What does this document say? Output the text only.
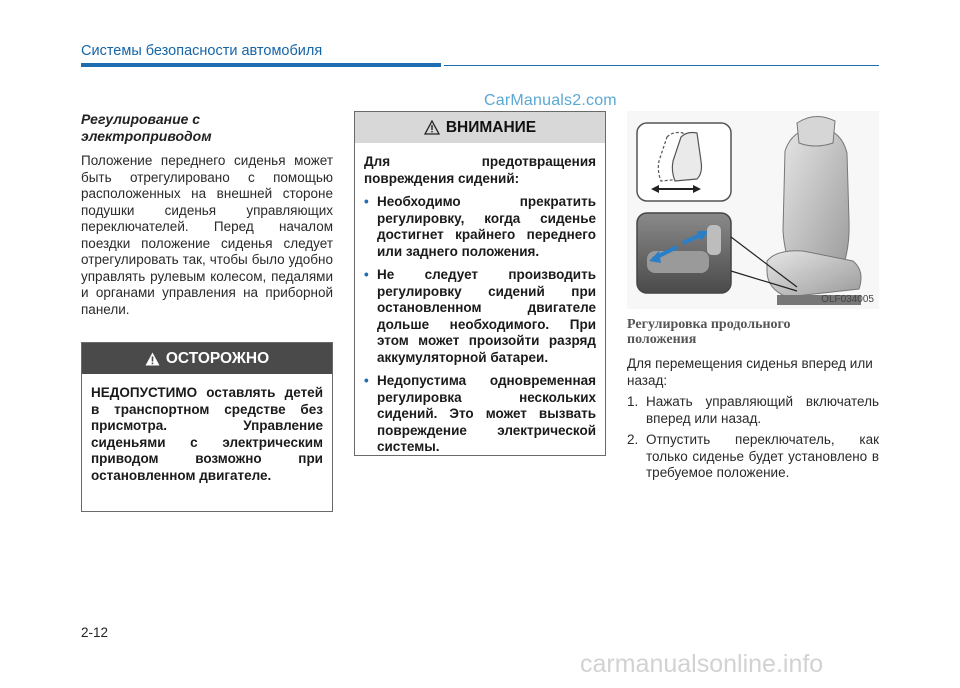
Системы безопасности автомобиля
CarManuals2.com
Регулирование с
электроприводом

Положение переднего сиденья может быть отрегулировано с помощью расположенных на внешней стороне подушки сиденья управляющих переключателей. Перед началом поездки положение сиденья следует отрегулировать так, чтобы было удобно управлять рулевым колесом, педалями и органами управления на приборной панели.

ОСТОРОЖНО
НЕДОПУСТИМО оставлять детей в транспортном средстве без присмотра. Управление сиденьями с электрическим приводом возможно при остановленном двигателе.
ВНИМАНИЕ
Для предотвращения повреждения сидений:
• Необходимо прекратить регулировку, когда сиденье достигнет крайнего переднего или заднего положения.
• Не следует производить регулировку сидений при остановленном двигателе дольше необходимого. При этом может произойти разряд аккумуляторной батареи.
• Недопустима одновременная регулировка нескольких сидений. Это может вызвать повреждение электрической системы.
OLF034005
Регулировка продольного
положения

Для перемещения сиденья вперед или назад:

1. Нажать управляющий включатель вперед или назад.
2. Отпустить переключатель, как только сиденье будет установлено в требуемое положение.
2-12
carmanualsonline.info
